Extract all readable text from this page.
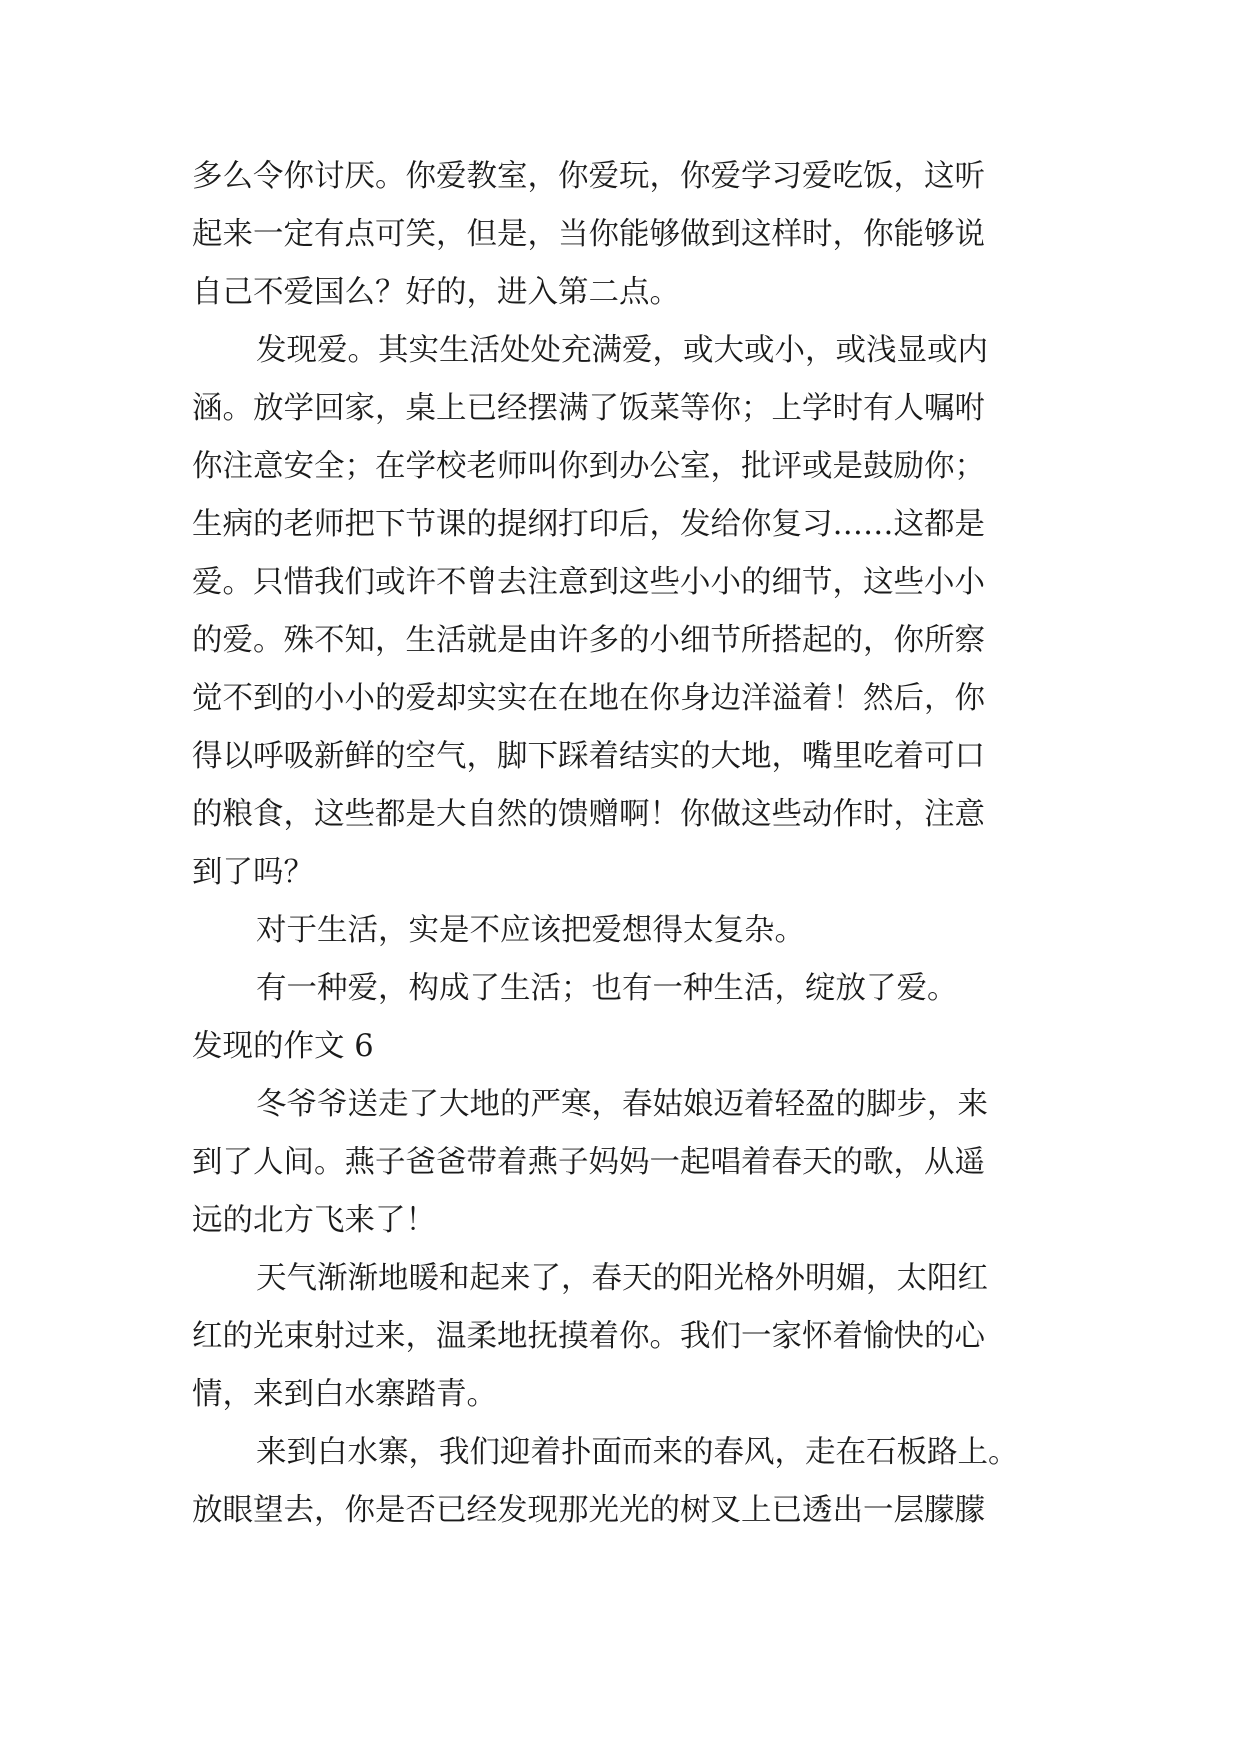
多么令你讨厌。你爱教室，你爱玩，你爱学习爱吃饭，这听
起来一定有点可笑，但是，当你能够做到这样时，你能够说
自己不爱国么？好的，进入第二点。
发现爱。其实生活处处充满爱，或大或小，或浅显或内
涵。放学回家，桌上已经摆满了饭菜等你；上学时有人嘱咐
你注意安全；在学校老师叫你到办公室，批评或是鼓励你；
生病的老师把下节课的提纲打印后，发给你复习……这都是
爱。只惜我们或许不曾去注意到这些小小的细节，这些小小
的爱。殊不知，生活就是由许多的小细节所搭起的，你所察
觉不到的小小的爱却实实在在地在你身边洋溢着！然后，你
得以呼吸新鲜的空气，脚下踩着结实的大地，嘴里吃着可口
的粮食，这些都是大自然的馈赠啊！你做这些动作时，注意
到了吗？
对于生活，实是不应该把爱想得太复杂。
有一种爱，构成了生活；也有一种生活，绽放了爱。
发现的作文 6
冬爷爷送走了大地的严寒，春姑娘迈着轻盈的脚步，来
到了人间。燕子爸爸带着燕子妈妈一起唱着春天的歌，从遥
远的北方飞来了！
天气渐渐地暖和起来了，春天的阳光格外明媚，太阳红
红的光束射过来，温柔地抚摸着你。我们一家怀着愉快的心
情，来到白水寨踏青。
来到白水寨，我们迎着扑面而来的春风，走在石板路上。
放眼望去，你是否已经发现那光光的树叉上已透出一层朦朦
